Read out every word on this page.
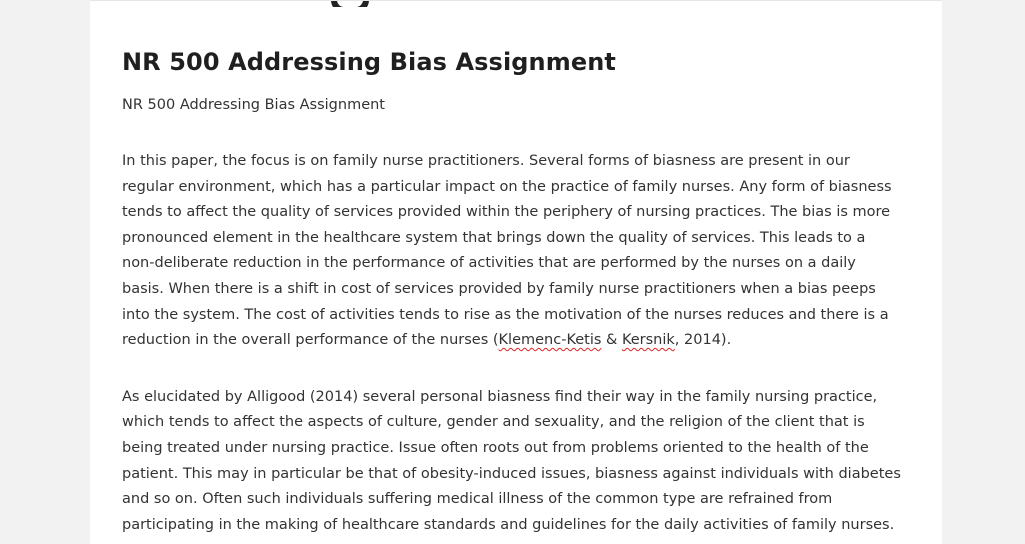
NR 500 Addressing Bias Assignment
NR 500 Addressing Bias Assignment

In this paper, the focus is on family nurse practitioners. Several forms of biasness are present in our regular environment, which has a particular impact on the practice of family nurses. Any form of biasness tends to affect the quality of services provided within the periphery of nursing practices. The bias is more pronounced element in the healthcare system that brings down the quality of services. This leads to a non-deliberate reduction in the performance of activities that are performed by the nurses on a daily basis. When there is a shift in cost of services provided by family nurse practitioners when a bias peeps into the system. The cost of activities tends to rise as the motivation of the nurses reduces and there is a reduction in the overall performance of the nurses (Klemenc-Ketis & Kersnik, 2014).

As elucidated by Alligood (2014) several personal biasness find their way in the family nursing practice, which tends to affect the aspects of culture, gender and sexuality, and the religion of the client that is being treated under nursing practice. Issue often roots out from problems oriented to the health of the patient. This may in particular be that of obesity-induced issues, biasness against individuals with diabetes and so on. Often such individuals suffering medical illness of the common type are refrained from participating in the making of healthcare standards and guidelines for the daily activities of family nurses.
